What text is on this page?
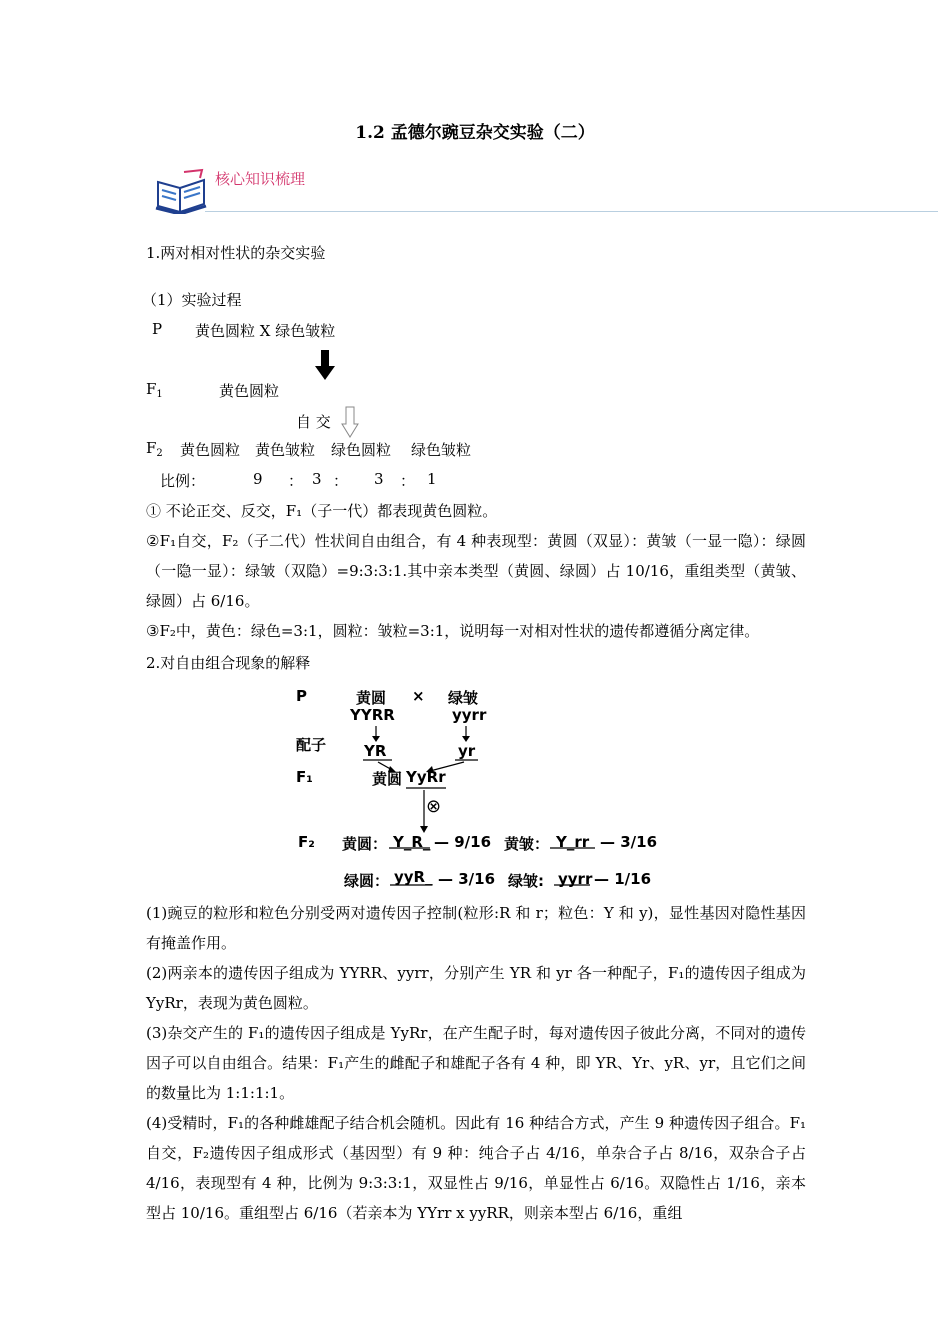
1.2 孟德尔豌豆杂交实验（二）
核心知识梳理
1.两对相对性状的杂交实验
（1）实验过程
P 黄色圆粒 X 绿色皱粒
$F_1$	黄色圆粒
自 交
$F_2$ 黄色圆粒 黄色皱粒 绿色圆粒 绿色皱粒
比例：	9 ： 3 ： 3 ： 1
① 不论正交、反交，F₁（子一代）都表现黄色圆粒。
②F₁自交，F₂（子二代）性状间自由组合，有 4 种表现型：黄圆（双显）：黄皱（一显一隐）：绿圆（一隐一显）：绿皱（双隐）=9:3:3:1.其中亲本类型（黄圆、绿圆）占 10/16，重组类型（黄皱、绿圆）占 6/16。
③F₂中，黄色：绿色=3:1，圆粒：皱粒=3:1，说明每一对相对性状的遗传都遵循分离定律。
2.对自由组合现象的解释
P	黄圆 × 绿皱
YYRR	yyrr
配子	YR	yr
F₁	黄圆 YyRr
⊗
F₂ 黄圆： Y_R_ — 9/16 黄皱： Y_rr — 3/16
绿圆： yyR_ — 3/16 绿皱: yyrr — 1/16
(1)豌豆的粒形和粒色分别受两对遗传因子控制(粒形:R 和 r；粒色：Y 和 y)，显性基因对隐性基因有掩盖作用。
(2)两亲本的遗传因子组成为 YYRR、yyrr，分别产生 YR 和 yr 各一种配子，F₁的遗传因子组成为 YyRr，表现为黄色圆粒。
(3)杂交产生的 F₁的遗传因子组成是 YyRr，在产生配子时，每对遗传因子彼此分离，不同对的遗传因子可以自由组合。结果：F₁产生的雌配子和雄配子各有 4 种，即 YR、Yr、yR、yr，且它们之间的数量比为 1:1:1:1。
(4)受精时，F₁的各种雌雄配子结合机会随机。因此有 16 种结合方式，产生 9 种遗传因子组合。F₁自交，F₂遗传因子组成形式（基因型）有 9 种：纯合子占 4/16，单杂合子占 8/16，双杂合子占 4/16，表现型有 4 种，比例为 9:3:3:1，双显性占 9/16，单显性占 6/16。双隐性占 1/16，亲本型占 10/16。重组型占 6/16（若亲本为 YYrr x yyRR，则亲本型占 6/16，重组
